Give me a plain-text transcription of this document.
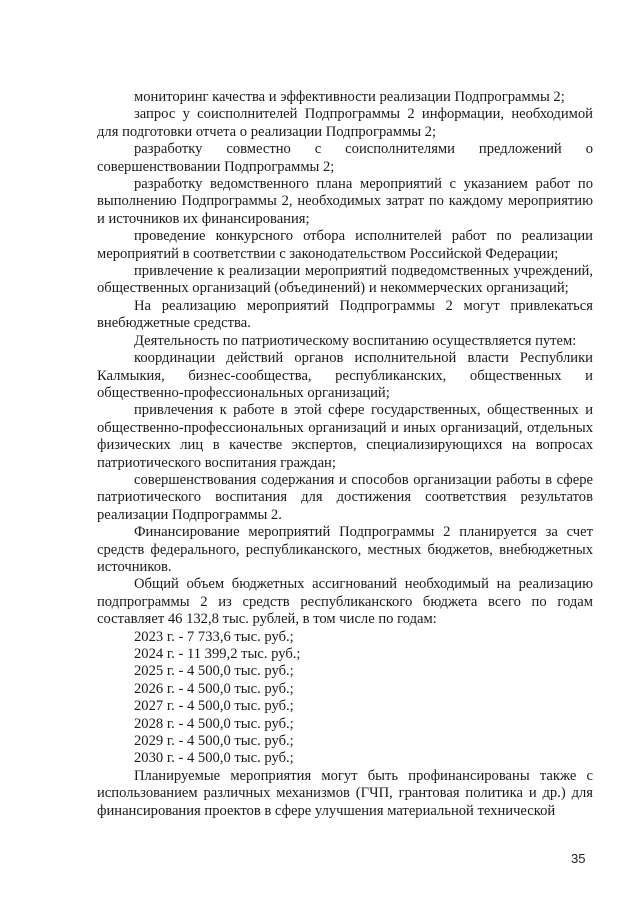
мониторинг качества и эффективности реализации Подпрограммы 2;

запрос у соисполнителей Подпрограммы 2 информации, необходимой для подготовки отчета о реализации Подпрограммы 2;

разработку совместно с соисполнителями предложений о совершенствовании Подпрограммы 2;

разработку ведомственного плана мероприятий с указанием работ по выполнению Подпрограммы 2, необходимых затрат по каждому мероприятию и источников их финансирования;

проведение конкурсного отбора исполнителей работ по реализации мероприятий в соответствии с законодательством Российской Федерации;

привлечение к реализации мероприятий подведомственных учреждений, общественных организаций (объединений) и некоммерческих организаций;

На реализацию мероприятий Подпрограммы 2 могут привлекаться внебюджетные средства.

Деятельность по патриотическому воспитанию осуществляется путем:

координации действий органов исполнительной власти Республики Калмыкия, бизнес-сообщества, республиканских, общественных и общественно-профессиональных организаций;

привлечения к работе в этой сфере государственных, общественных и общественно-профессиональных организаций и иных организаций, отдельных физических лиц в качестве экспертов, специализирующихся на вопросах патриотического воспитания граждан;

совершенствования содержания и способов организации работы в сфере патриотического воспитания для достижения соответствия результатов реализации Подпрограммы 2.

Финансирование мероприятий Подпрограммы 2 планируется за счет средств федерального, республиканского, местных бюджетов, внебюджетных источников.

Общий объем бюджетных ассигнований необходимый на реализацию подпрограммы 2 из средств республиканского бюджета всего по годам составляет 46 132,8 тыс. рублей, в том числе по годам:

2023 г. - 7 733,6 тыс. руб.;

2024 г. - 11 399,2 тыс. руб.;

2025 г. - 4 500,0 тыс. руб.;

2026 г. - 4 500,0 тыс. руб.;

2027 г. - 4 500,0 тыс. руб.;

2028 г. - 4 500,0 тыс. руб.;

2029 г. - 4 500,0 тыс. руб.;

2030 г. - 4 500,0 тыс. руб.;

Планируемые мероприятия могут быть профинансированы также с использованием различных механизмов (ГЧП, грантовая политика и др.) для финансирования проектов в сфере улучшения материальной технической

35
